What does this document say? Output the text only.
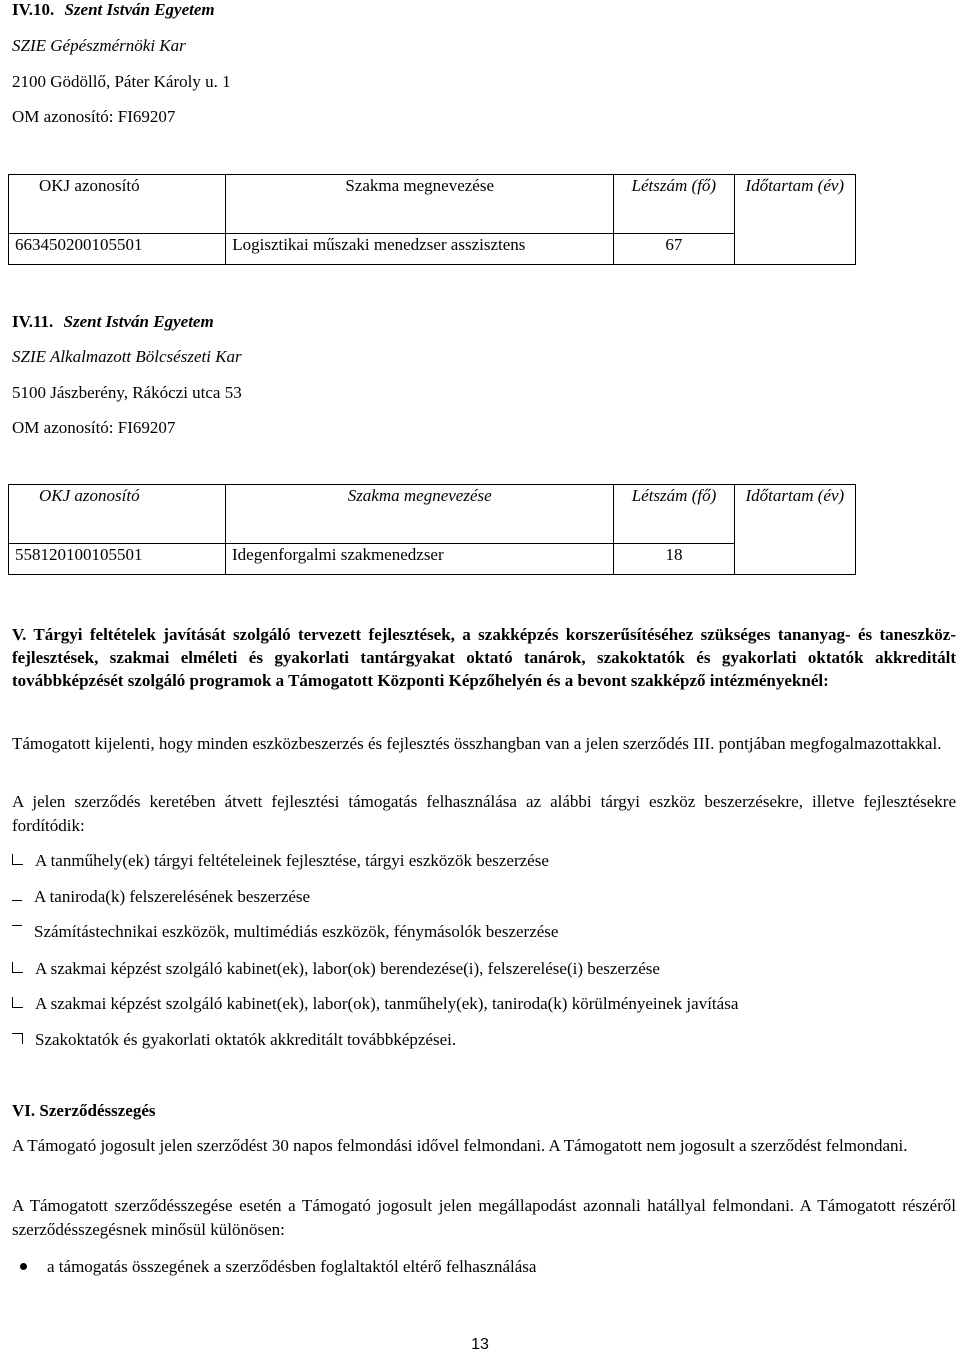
IV.10. Szent István Egyetem
SZIE Gépészmérnöki Kar
2100 Gödöllő, Páter Károly u. 1
OM azonosító: FI69207
OKJ azonosító	Szakma megnevezése	Létszám (fő)	Időtartam (év)
663450200105501	Logisztikai műszaki menedzser asszisztens	67	
IV.11. Szent István Egyetem
SZIE Alkalmazott Bölcsészeti Kar
5100 Jászberény, Rákóczi utca 53
OM azonosító: FI69207
OKJ azonosító	Szakma megnevezése	Létszám (fő)	Időtartam (év)
558120100105501	Idegenforgalmi szakmenedzser	18	
V. Tárgyi feltételek javítását szolgáló tervezett fejlesztések, a szakképzés korszerűsítéséhez szükséges tananyag- és taneszköz-fejlesztések, szakmai elméleti és gyakorlati tantárgyakat oktató tanárok, szakoktatók és gyakorlati oktatók akkreditált továbbképzését szolgáló programok a Támogatott Központi Képzőhelyén és a bevont szakképző intézményeknél:
Támogatott kijelenti, hogy minden eszközbeszerzés és fejlesztés összhangban van a jelen szerződés III. pontjában megfogalmazottakkal.
A jelen szerződés keretében átvett fejlesztési támogatás felhasználása az alábbi tárgyi eszköz beszerzésekre, illetve fejlesztésekre fordítódik:
A tanműhely(ek) tárgyi feltételeinek fejlesztése, tárgyi eszközök beszerzése
A taniroda(k) felszerelésének beszerzése
Számítástechnikai eszközök, multimédiás eszközök, fénymásolók beszerzése
A szakmai képzést szolgáló kabinet(ek), labor(ok) berendezése(i), felszerelése(i) beszerzése
A szakmai képzést szolgáló kabinet(ek), labor(ok), tanműhely(ek), taniroda(k) körülményeinek javítása
Szakoktatók és gyakorlati oktatók akkreditált továbbképzései.
VI. Szerződésszegés
A Támogató jogosult jelen szerződést 30 napos felmondási idővel felmondani. A Támogatott nem jogosult a szerződést felmondani.
A Támogatott szerződésszegése esetén a Támogató jogosult jelen megállapodást azonnali hatállyal felmondani. A Támogatott részéről szerződésszegésnek minősül különösen:
a támogatás összegének a szerződésben foglaltaktól eltérő felhasználása
13
